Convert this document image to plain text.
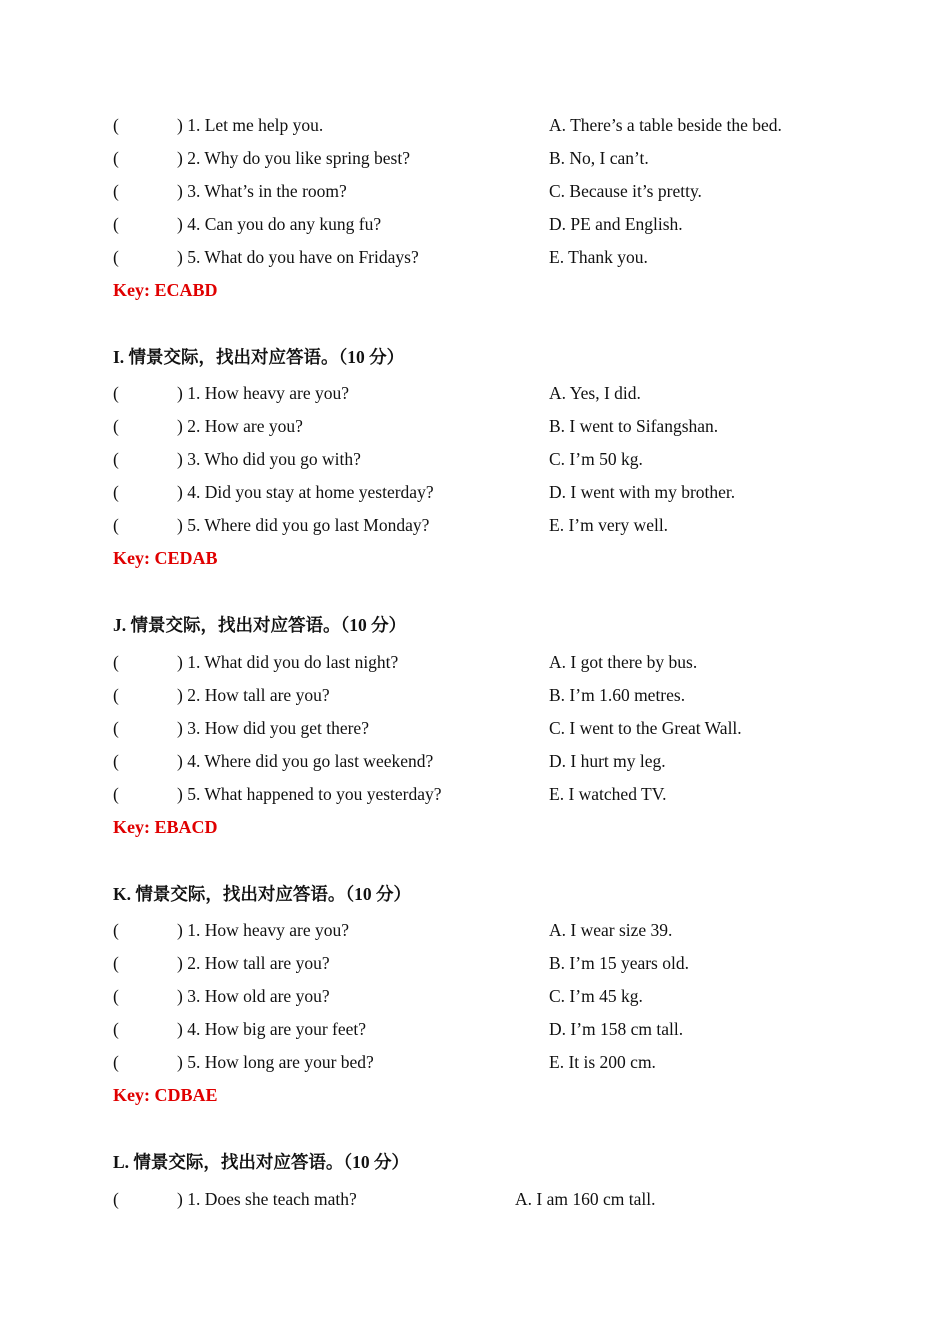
(	) 1. Let me help you.	A. There’s a table beside the bed.
(	) 2. Why do you like spring best?	B. No, I can’t.
(	) 3. What’s in the room?	C. Because it’s pretty.
(	) 4. Can you do any kung fu?	D. PE and English.
(	) 5. What do you have on Fridays?	E. Thank you.
Key: ECABD
I. 情景交际，找出对应答语。（10 分）
(	) 1. How heavy are you?	A. Yes, I did.
(	) 2. How are you?	B. I went to Sifangshan.
(	) 3. Who did you go with?	C. I’m 50 kg.
(	) 4. Did you stay at home yesterday?	D. I went with my brother.
(	) 5. Where did you go last Monday?	E. I’m very well.
Key: CEDAB
J. 情景交际，找出对应答语。（10 分）
(	) 1. What did you do last night?	A. I got there by bus.
(	) 2. How tall are you?	B. I’m 1.60 metres.
(	) 3. How did you get there?	C. I went to the Great Wall.
(	) 4. Where did you go last weekend?	D. I hurt my leg.
(	) 5. What happened to you yesterday?	E. I watched TV.
Key: EBACD
K. 情景交际，找出对应答语。（10 分）
(	) 1. How heavy are you?	A. I wear size 39.
(	) 2. How tall are you?	B. I’m 15 years old.
(	) 3. How old are you?	C. I’m 45 kg.
(	) 4. How big are your feet?	D. I’m 158 cm tall.
(	) 5. How long are your bed?	E. It is 200 cm.
Key: CDBAE
L. 情景交际，找出对应答语。（10 分）
(	) 1. Does she teach math?	A. I am 160 cm tall.
